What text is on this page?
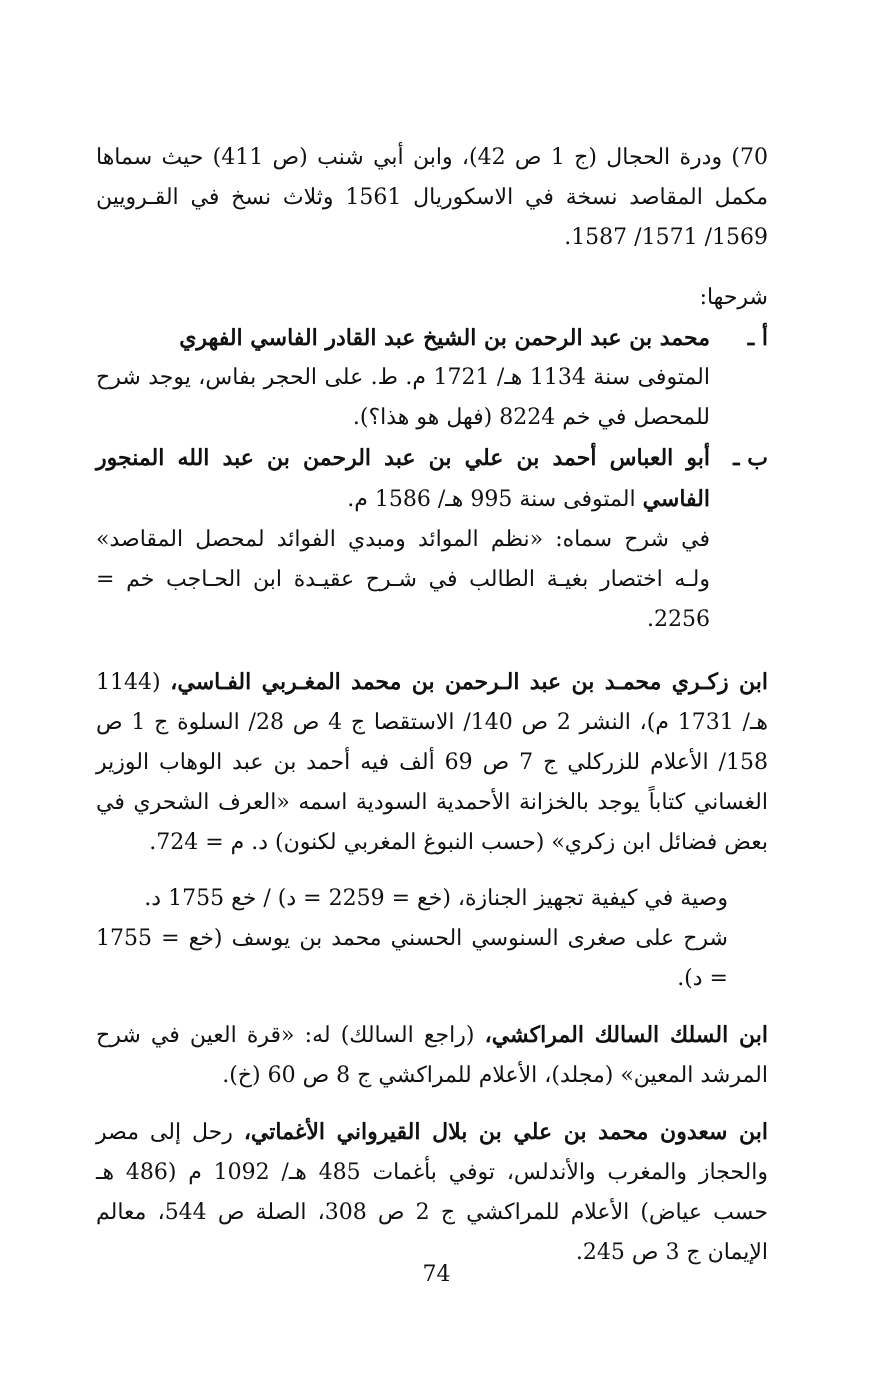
70) ودرة الحجال (ج 1 ص 42)، وابن أبي شنب (ص 411) حيث سماها مكمل المقاصد نسخة في الاسكوريال 1561 وثلاث نسخ في القـرويين 1569/ 1571/ 1587.

شرحها:

أ ـ
محمد بن عبد الرحمن بن الشيخ عبد القادر الفاسي الفهري

المتوفى سنة 1134 هـ/ 1721 م. ط. على الحجر بفاس، يوجد شرح للمحصل في خم 8224 (فهل هو هذا؟).

ب ـ
أبو العباس أحمد بن علي بن عبد الرحمن بن عبد الله المنجور الفاسي المتوفى سنة 995 هـ/ 1586 م.

في شرح سماه: «نظم الموائد ومبدي الفوائد لمحصل المقاصد» ولـه اختصار بغيـة الطالب في شـرح عقيـدة ابن الحـاجب خم = 2256.

ابن زكـري محمـد بن عبد الـرحمن بن محمد المغـربي الفـاسي، (1144 هـ/ 1731 م)، النشر 2 ص 140/ الاستقصا ج 4 ص 28/ السلوة ج 1 ص 158/ الأعلام للزركلي ج 7 ص 69 ألف فيه أحمد بن عبد الوهاب الوزير الغساني كتاباً يوجد بالخزانة الأحمدية السودية اسمه «العرف الشحري في بعض فضائل ابن زكري» (حسب النبوغ المغربي لكنون) د. م = 724.

وصية في كيفية تجهيز الجنازة، (خع = 2259 = د) / خع 1755 د.

شرح على صغرى السنوسي الحسني محمد بن يوسف (خع = 1755 = د).

ابن السلك السالك المراكشي، (راجع السالك) له: «قرة العين في شرح المرشد المعين» (مجلد)، الأعلام للمراكشي ج 8 ص 60 (خ).

ابن سعدون محمد بن علي بن بلال القيرواني الأغماتي، رحل إلى مصر والحجاز والمغرب والأندلس، توفي بأغمات 485 هـ/ 1092 م (486 هـ حسب عياض) الأعلام للمراكشي ج 2 ص 308، الصلة ص 544، معالم الإيمان ج 3 ص 245.

74
